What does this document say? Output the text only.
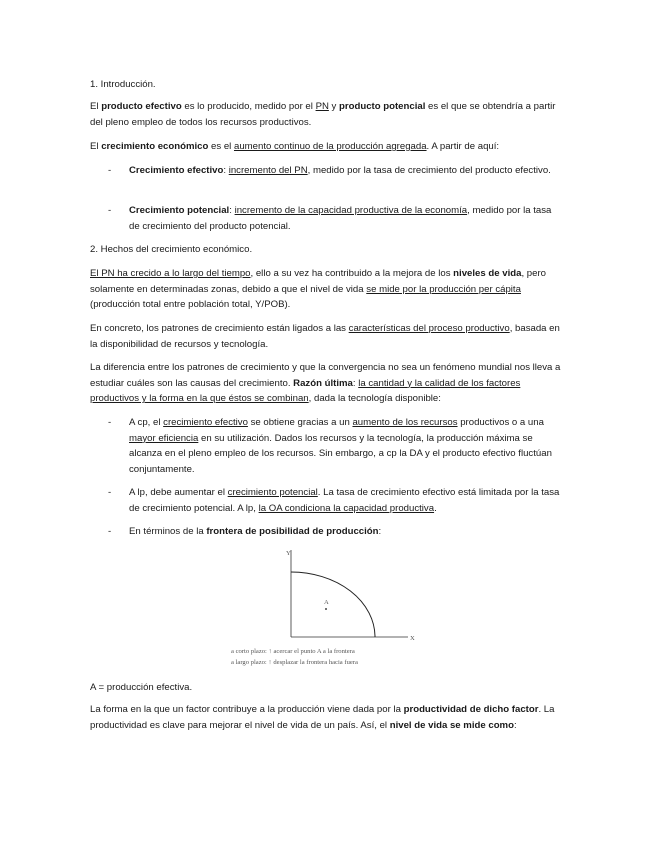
1. Introducción.

El producto efectivo es lo producido, medido por el PN y producto potencial es el que se obtendría a partir del pleno empleo de todos los recursos productivos.

El crecimiento económico es el aumento continuo de la producción agregada. A partir de aquí:

-	Crecimiento efectivo: incremento del PN, medido por la tasa de crecimiento del producto efectivo.

-	Crecimiento potencial: incremento de la capacidad productiva de la economía, medido por la tasa de crecimiento del producto potencial.

2. Hechos del crecimiento económico.

El PN ha crecido a lo largo del tiempo, ello a su vez ha contribuido a la mejora de los niveles de vida, pero solamente en determinadas zonas, debido a que el nivel de vida se mide por la producción per cápita (producción total entre población total, Y/POB).

En concreto, los patrones de crecimiento están ligados a las características del proceso productivo, basada en la disponibilidad de recursos y tecnología.

La diferencia entre los patrones de crecimiento y que la convergencia no sea un fenómeno mundial nos lleva a estudiar cuáles son las causas del crecimiento. Razón última: la cantidad y la calidad de los factores productivos y la forma en la que éstos se combinan, dada la tecnología disponible:

-	A cp, el crecimiento efectivo se obtiene gracias a un aumento de los recursos productivos o a una mayor eficiencia en su utilización. Dados los recursos y la tecnología, la producción máxima se alcanza en el pleno empleo de los recursos. Sin embargo, a cp la DA y el producto efectivo fluctúan conjuntamente.

-	A lp, debe aumentar el crecimiento potencial. La tasa de crecimiento efectivo está limitada por la tasa de crecimiento potencial. A lp, la OA condiciona la capacidad productiva.

-	En términos de la frontera de posibilidad de producción:

Y
X
A
a corto plazo: ↑ acercar el punto A a la frontera
a largo plazo: ↑ desplazar la frontera hacia fuera

A = producción efectiva.

La forma en la que un factor contribuye a la producción viene dada por la productividad de dicho factor. La productividad es clave para mejorar el nivel de vida de un país. Así, el nivel de vida se mide como:
